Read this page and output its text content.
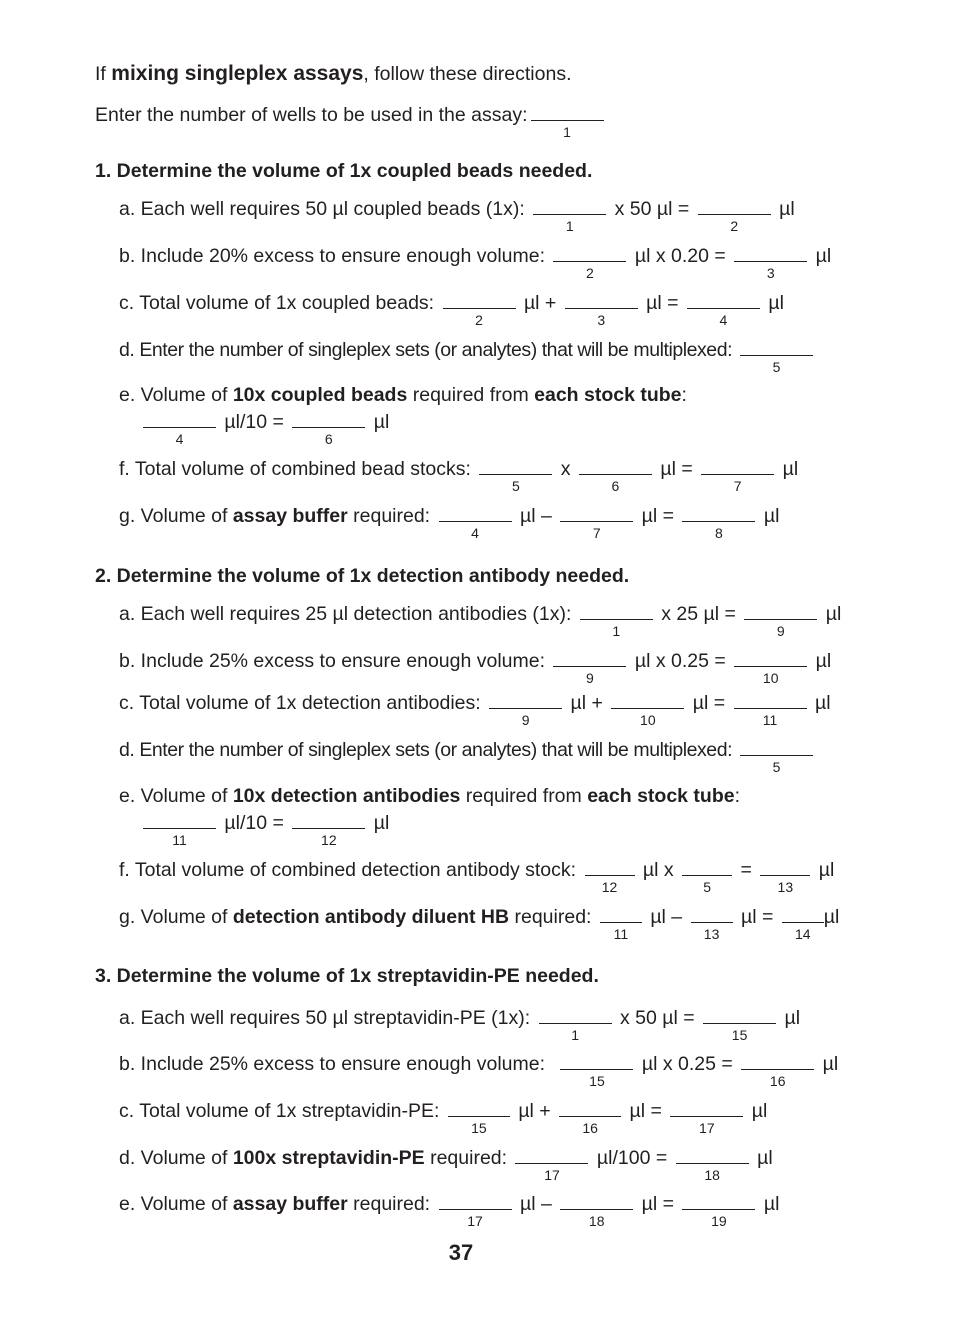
If mixing singleplex assays, follow these directions.
Enter the number of wells to be used in the assay:
1
1. Determine the volume of 1x coupled beads needed.
a. Each well requires 50 µl coupled beads (1x):
1
x 50 µl =
2
µl
b. Include 20% excess to ensure enough volume:
2
µl x 0.20 =
3
µl
c. Total volume of 1x coupled beads:
2
µl +
3
µl =
4
µl
d. Enter the number of singleplex sets (or analytes) that will be multiplexed:
5
e. Volume of 10x coupled beads required from each stock tube:
4
µl/10 =
6
µl
f. Total volume of combined bead stocks:
5
x
6
µl =
7
µl
g. Volume of assay buffer required:
4
µl –
7
µl =
8
µl
2. Determine the volume of 1x detection antibody needed.
a. Each well requires 25 µl detection antibodies (1x):
1
x 25 µl =
9
µl
b. Include 25% excess to ensure enough volume:
9
µl x 0.25 =
10
µl
c. Total volume of 1x detection antibodies:
9
µl +
10
µl =
11
µl
d. Enter the number of singleplex sets (or analytes) that will be multiplexed:
5
e. Volume of 10x detection antibodies required from each stock tube:
11
µl/10 =
12
µl
f. Total volume of combined detection antibody stock:
12
µl x
5
=
13
µl
g. Volume of detection antibody diluent HB required:
11
µl –
13
µl =
14
µl
3. Determine the volume of 1x streptavidin-PE needed.
a. Each well requires 50 µl streptavidin-PE (1x):
1
x 50 µl =
15
µl
b. Include 25% excess to ensure enough volume:
15
µl x 0.25 =
16
µl
c. Total volume of 1x streptavidin-PE:
15
µl +
16
µl =
17
µl
d. Volume of 100x streptavidin-PE required:
17
µl/100 =
18
µl
e. Volume of assay buffer required:
17
µl –
18
µl =
19
µl
37
